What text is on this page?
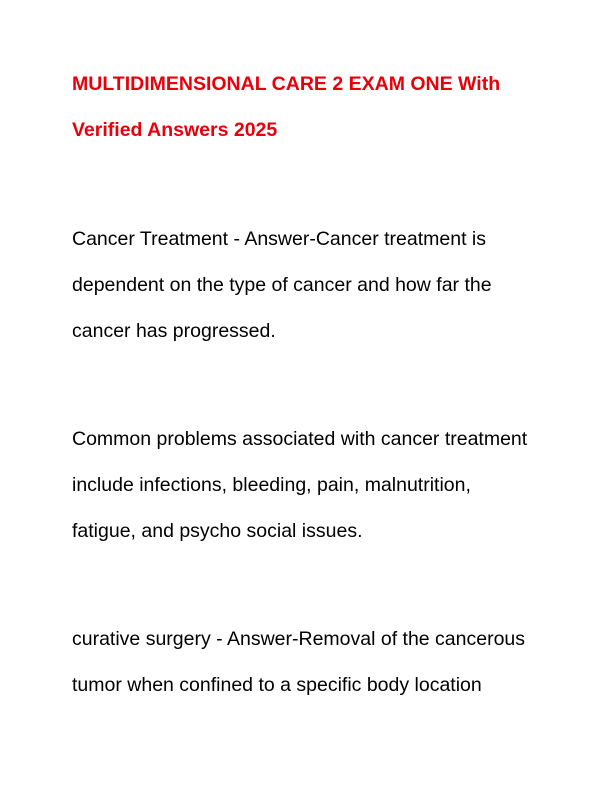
MULTIDIMENSIONAL CARE 2 EXAM ONE With
Verified Answers 2025
Cancer Treatment - Answer-Cancer treatment is
dependent on the type of cancer and how far the
cancer has progressed.
Common problems associated with cancer treatment
include infections, bleeding, pain, malnutrition,
fatigue, and psycho social issues.
curative surgery - Answer-Removal of the cancerous
tumor when confined to a specific body location
